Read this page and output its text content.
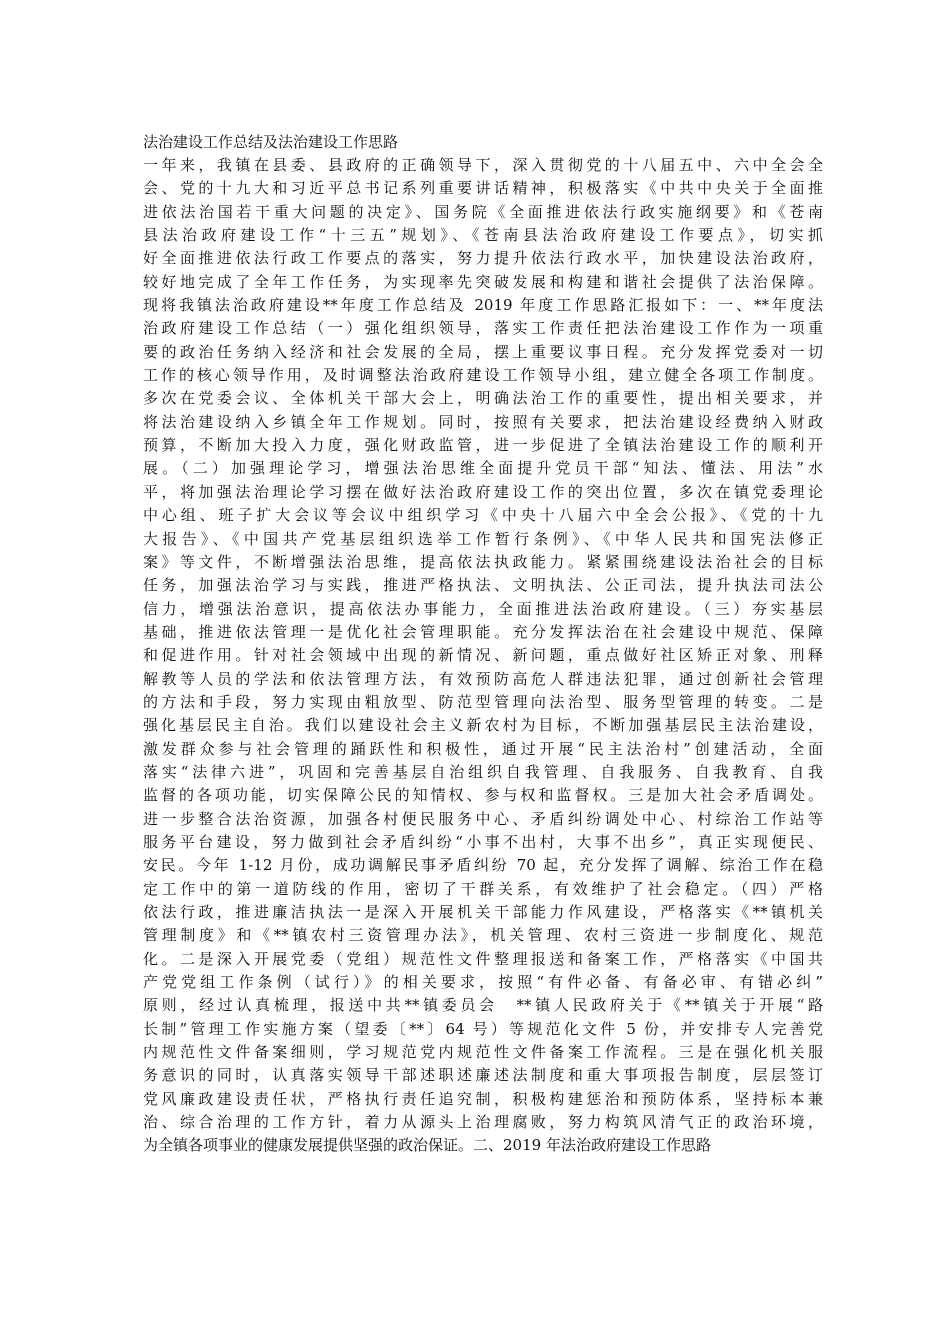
法治建设工作总结及法治建设工作思路

一年来，我镇在县委、县政府的正确领导下，深入贯彻党的十八届五中、六中全会全
会、党的十九大和习近平总书记系列重要讲话精神，积极落实《中共中央关于全面推
进依法治国若干重大问题的决定》、国务院《全面推进依法行政实施纲要》和《苍南
县法治政府建设工作“十三五”规划》、《苍南县法治政府建设工作要点》，切实抓
好全面推进依法行政工作要点的落实，努力提升依法行政水平，加快建设法治政府，
较好地完成了全年工作任务，为实现率先突破发展和构建和谐社会提供了法治保障。
现将我镇法治政府建设**年度工作总结及 2019 年度工作思路汇报如下：一、**年度法
治政府建设工作总结（一）强化组织领导，落实工作责任把法治建设工作作为一项重
要的政治任务纳入经济和社会发展的全局，摆上重要议事日程。充分发挥党委对一切
工作的核心领导作用，及时调整法治政府建设工作领导小组，建立健全各项工作制度。
多次在党委会议、全体机关干部大会上，明确法治工作的重要性，提出相关要求，并
将法治建设纳入乡镇全年工作规划。同时，按照有关要求，把法治建设经费纳入财政
预算，不断加大投入力度，强化财政监管，进一步促进了全镇法治建设工作的顺利开
展。（二）加强理论学习，增强法治思维全面提升党员干部“知法、懂法、用法”水
平，将加强法治理论学习摆在做好法治政府建设工作的突出位置，多次在镇党委理论
中心组、班子扩大会议等会议中组织学习《中央十八届六中全会公报》、《党的十九
大报告》、《中国共产党基层组织选举工作暂行条例》、《中华人民共和国宪法修正
案》等文件，不断增强法治思维，提高依法执政能力。紧紧围绕建设法治社会的目标
任务，加强法治学习与实践，推进严格执法、文明执法、公正司法，提升执法司法公
信力，增强法治意识，提高依法办事能力，全面推进法治政府建设。（三）夯实基层
基础，推进依法管理一是优化社会管理职能。充分发挥法治在社会建设中规范、保障
和促进作用。针对社会领域中出现的新情况、新问题，重点做好社区矫正对象、刑释
解教等人员的学法和依法管理方法，有效预防高危人群违法犯罪，通过创新社会管理
的方法和手段，努力实现由粗放型、防范型管理向法治型、服务型管理的转变。二是
强化基层民主自治。我们以建设社会主义新农村为目标，不断加强基层民主法治建设，
激发群众参与社会管理的踊跃性和积极性，通过开展“民主法治村”创建活动，全面
落实“法律六进”，巩固和完善基层自治组织自我管理、自我服务、自我教育、自我
监督的各项功能，切实保障公民的知情权、参与权和监督权。三是加大社会矛盾调处。
进一步整合法治资源，加强各村便民服务中心、矛盾纠纷调处中心、村综治工作站等
服务平台建设，努力做到社会矛盾纠纷“小事不出村，大事不出乡”，真正实现便民、
安民。今年 1-12 月份，成功调解民事矛盾纠纷 70 起，充分发挥了调解、综治工作在稳
定工作中的第一道防线的作用，密切了干群关系，有效维护了社会稳定。（四）严格
依法行政，推进廉洁执法一是深入开展机关干部能力作风建设，严格落实《**镇机关
管理制度》和《**镇农村三资管理办法》，机关管理、农村三资进一步制度化、规范
化。二是深入开展党委（党组）规范性文件整理报送和备案工作，严格落实《中国共
产党党组工作条例（试行）》的相关要求，按照“有件必备、有备必审、有错必纠”
原则，经过认真梳理，报送中共**镇委员会　**镇人民政府关于《**镇关于开展“路
长制”管理工作实施方案（望委〔**〕64 号）等规范化文件 5 份，并安排专人完善党
内规范性文件备案细则，学习规范党内规范性文件备案工作流程。三是在强化机关服
务意识的同时，认真落实领导干部述职述廉述法制度和重大事项报告制度，层层签订
党风廉政建设责任状，严格执行责任追究制，积极构建惩治和预防体系，坚持标本兼
治、综合治理的工作方针，着力从源头上治理腐败，努力构筑风清气正的政治环境，
为全镇各项事业的健康发展提供坚强的政治保证。二、2019 年法治政府建设工作思路
